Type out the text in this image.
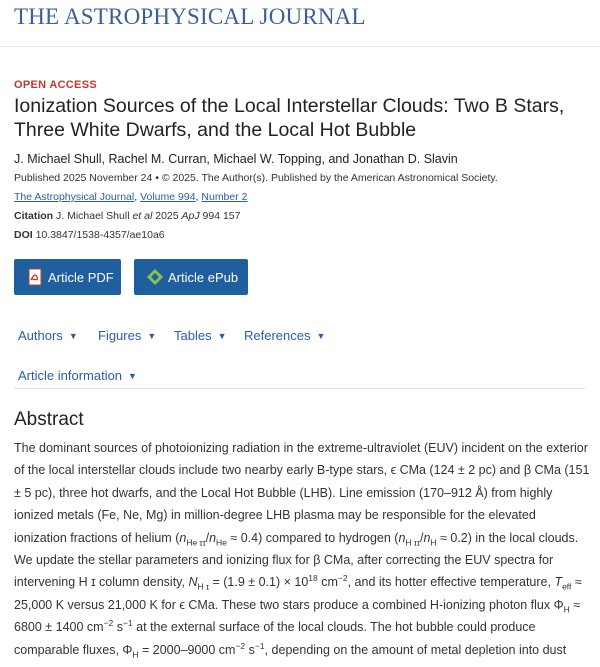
THE ASTROPHYSICAL JOURNAL
OPEN ACCESS
Ionization Sources of the Local Interstellar Clouds: Two B Stars, Three White Dwarfs, and the Local Hot Bubble
J. Michael Shull, Rachel M. Curran, Michael W. Topping, and Jonathan D. Slavin
Published 2025 November 24 • © 2025. The Author(s). Published by the American Astronomical Society.
The Astrophysical Journal, Volume 994, Number 2
Citation J. Michael Shull et al 2025 ApJ 994 157
DOI 10.3847/1538-4357/ae10a6
Article PDF	Article ePub
Authors ▼ Figures ▼ Tables ▼ References ▼
Article information ▼
Abstract
The dominant sources of photoionizing radiation in the extreme-ultraviolet (EUV) incident on the exterior of the local interstellar clouds include two nearby early B-type stars, ϵ CMa (124 ± 2 pc) and β CMa (151 ± 5 pc), three hot dwarfs, and the Local Hot Bubble (LHB). Line emission (170–912 Å) from highly ionized metals (Fe, Ne, Mg) in million-degree LHB plasma may be responsible for the elevated ionization fractions of helium $(n_{He ɪɪ}/n_{He} \approx 0.4)$ compared to hydrogen $(n_{H ɪɪ}/n_H \approx 0.2)$ in the local clouds. We update the stellar parameters and ionizing flux for β CMa, after correcting the EUV spectra for intervening H ɪ column density, $N_{H ɪ} = (1.9 \pm 0.1) \times 10^{18}$ $cm^{-2}$, and its hotter effective temperature, $T_{eff} \approx 25,000$ K versus 21,000 K for ϵ CMa. These two stars produce a combined H-ionizing photon flux $\Phi_H \approx 6800 \pm 1400$ $cm^{-2}$ $s^{-1}$ at the external surface of the local clouds. The hot bubble could produce comparable fluxes, $\Phi_H = 2000-9000$ $cm^{-2}$ $s^{-1}$, depending on the amount of metal depletion into dust
